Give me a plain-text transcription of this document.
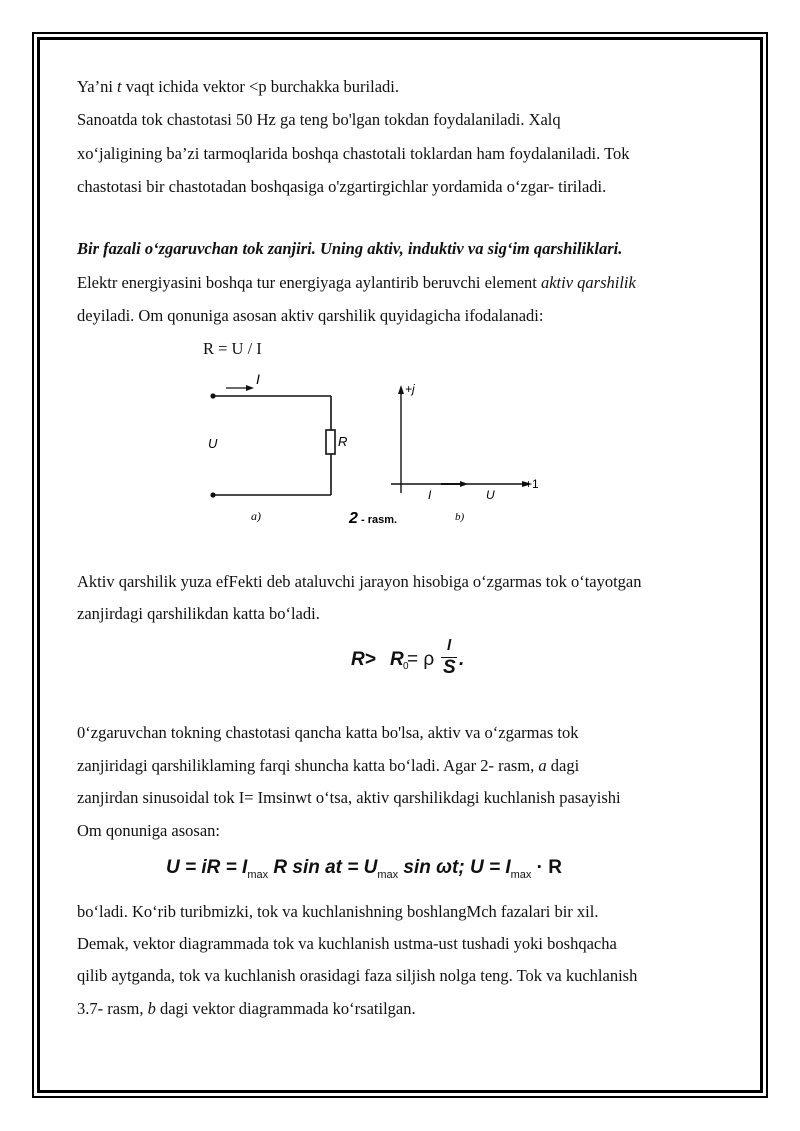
Ya’ni t vaqt ichida vektor <p burchakka buriladi.
Sanoatda tok chastotasi 50 Hz ga teng bo'lgan tokdan foydalaniladi. Xalq
xo‘jaligining ba’zi tarmoqlarida boshqa chastotali toklardan ham foydalaniladi. Tok
chastotasi bir chastotadan boshqasiga o'zgartirgichlar yordamida o‘zgar- tiriladi.
Bir fazali o‘zgaruvchan tok zanjiri. Uning aktiv, induktiv va sig‘im qarshiliklari.
Elektr energiyasini boshqa tur energiyaga aylantirib beruvchi element aktiv qarshilik
deyiladi. Om qonuniga asosan aktiv qarshilik quyidagicha ifodalanadi:
R = U / I
I
U	R
a)	2 - rasm.
+j
+1
I	U
b)
Aktiv qarshilik yuza efFekti deb ataluvchi jarayon hisobiga o‘zgarmas tok o‘tayotgan
zanjirdagi qarshilikdan katta bo‘ladi.
R > R 0
= ρ
l
S .
0‘zgaruvchan tokning chastotasi qancha katta bo'lsa, aktiv va o‘zgarmas tok
zanjiridagi qarshiliklaming farqi shuncha katta bo‘ladi. Agar 2- rasm, a dagi
zanjirdan sinusoidal tok I= Imsinwt o‘tsa, aktiv qarshilikdagi kuchlanish pasayishi
Om qonuniga asosan:
U = iR = $I_{max}$ R sin at = $U_{max}$ sin ωt; $U = I_{max} \cdot R$
bo‘ladi. Ko‘rib turibmizki, tok va kuchlanishning boshlangMch fazalari bir xil.
Demak, vektor diagrammada tok va kuchlanish ustma-ust tushadi yoki boshqacha
qilib aytganda, tok va kuchlanish orasidagi faza siljish nolga teng. Tok va kuchlanish
3.7- rasm, b dagi vektor diagrammada ko‘rsatilgan.
